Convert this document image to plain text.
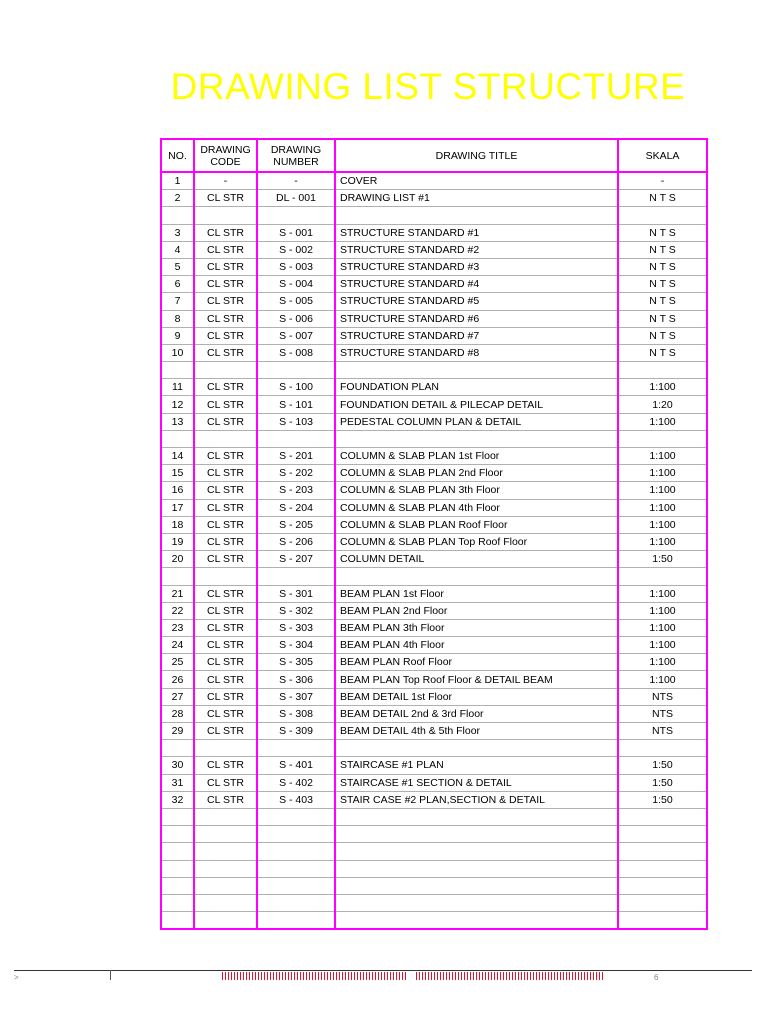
DRAWING LIST STRUCTURE
NO.	DRAWING CODE	DRAWING NUMBER	DRAWING TITLE	SKALA
1	-	-	COVER	-
2	CL STR	DL - 001	DRAWING LIST #1	N T S

3	CL STR	S - 001	STRUCTURE STANDARD #1	N T S
4	CL STR	S - 002	STRUCTURE STANDARD #2	N T S
5	CL STR	S - 003	STRUCTURE STANDARD #3	N T S
6	CL STR	S - 004	STRUCTURE STANDARD #4	N T S
7	CL STR	S - 005	STRUCTURE STANDARD #5	N T S
8	CL STR	S - 006	STRUCTURE STANDARD #6	N T S
9	CL STR	S - 007	STRUCTURE STANDARD #7	N T S
10	CL STR	S - 008	STRUCTURE STANDARD #8	N T S

11	CL STR	S - 100	FOUNDATION PLAN	1:100
12	CL STR	S - 101	FOUNDATION DETAIL & PILECAP DETAIL	1:20
13	CL STR	S - 103	PEDESTAL COLUMN PLAN & DETAIL	1:100

14	CL STR	S - 201	COLUMN & SLAB PLAN 1st Floor	1:100
15	CL STR	S - 202	COLUMN & SLAB PLAN 2nd Floor	1:100
16	CL STR	S - 203	COLUMN & SLAB PLAN 3th Floor	1:100
17	CL STR	S - 204	COLUMN & SLAB PLAN 4th Floor	1:100
18	CL STR	S - 205	COLUMN & SLAB PLAN Roof Floor	1:100
19	CL STR	S - 206	COLUMN & SLAB PLAN Top Roof Floor	1:100
20	CL STR	S - 207	COLUMN DETAIL	1:50

21	CL STR	S - 301	BEAM PLAN 1st Floor	1:100
22	CL STR	S - 302	BEAM PLAN 2nd Floor	1:100
23	CL STR	S - 303	BEAM PLAN 3th Floor	1:100
24	CL STR	S - 304	BEAM PLAN 4th Floor	1:100
25	CL STR	S - 305	BEAM PLAN Roof Floor	1:100
26	CL STR	S - 306	BEAM PLAN Top Roof Floor & DETAIL BEAM	1:100
27	CL STR	S - 307	BEAM DETAIL 1st Floor	NTS
28	CL STR	S - 308	BEAM DETAIL 2nd & 3rd Floor	NTS
29	CL STR	S - 309	BEAM DETAIL 4th & 5th Floor	NTS

30	CL STR	S - 401	STAIRCASE #1 PLAN	1:50
31	CL STR	S - 402	STAIRCASE #1 SECTION & DETAIL	1:50
32	CL STR	S - 403	STAIR CASE #2 PLAN,SECTION & DETAIL	1:50

>	6
